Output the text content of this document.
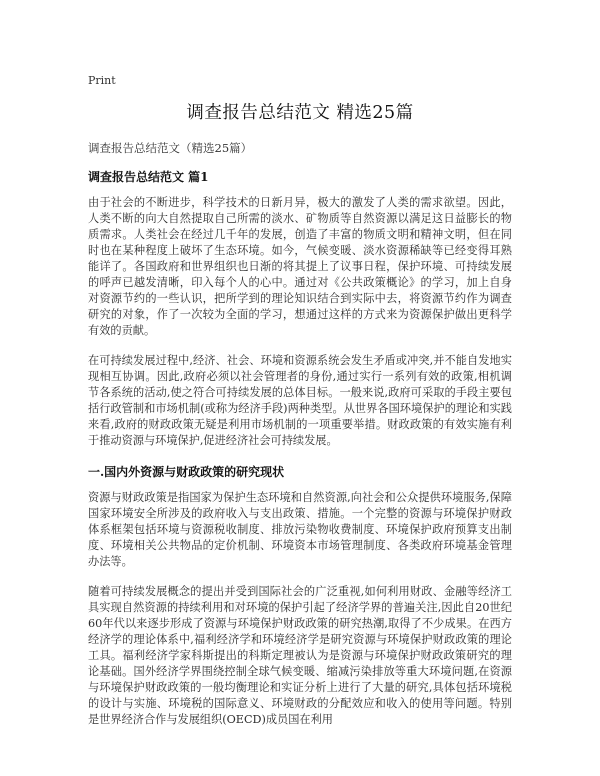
Print
调查报告总结范文 精选25篇

调查报告总结范文（精选25篇）

调查报告总结范文 篇1

由于社会的不断进步，科学技术的日新月异，极大的激发了人类的需求欲望。因此，人类不断的向大自然提取自己所需的淡水、矿物质等自然资源以满足这日益膨长的物质需求。人类社会在经过几千年的发展，创造了丰富的物质文明和精神文明，但在同时也在某种程度上破坏了生态环境。如今，气候变暖、淡水资源稀缺等已经变得耳熟能详了。各国政府和世界组织也日渐的将其提上了议事日程，保护环境、可持续发展的呼声已越发清晰，印入每个人的心中。通过对《公共政策概论》的学习，加上自身对资源节约的一些认识，把所学到的理论知识结合到实际中去，将资源节约作为调查研究的对象，作了一次较为全面的学习，想通过这样的方式来为资源保护做出更科学有效的贡献。

在可持续发展过程中,经济、社会、环境和资源系统会发生矛盾或冲突,并不能自发地实现相互协调。因此,政府必须以社会管理者的身份,通过实行一系列有效的政策,相机调节各系统的活动,使之符合可持续发展的总体目标。一般来说,政府可采取的手段主要包括行政管制和市场机制(或称为经济手段)两种类型。从世界各国环境保护的理论和实践来看,政府的财政政策无疑是利用市场机制的一项重要举措。财政政策的有效实施有利于推动资源与环境保护,促进经济社会可持续发展。

一.国内外资源与财政政策的研究现状

资源与财政政策是指国家为保护生态环境和自然资源,向社会和公众提供环境服务,保障国家环境安全所涉及的政府收入与支出政策、措施。一个完整的资源与环境保护财政体系框架包括环境与资源税收制度、排放污染物收费制度、环境保护政府预算支出制度、环境相关公共物品的定价机制、环境资本市场管理制度、各类政府环境基金管理办法等。

随着可持续发展概念的提出并受到国际社会的广泛重视,如何利用财政、金融等经济工具实现自然资源的持续利用和对环境的保护引起了经济学界的普遍关注,因此自20世纪60年代以来逐步形成了资源与环境保护财政政策的研究热潮,取得了不少成果。在西方经济学的理论体系中,福利经济学和环境经济学是研究资源与环境保护财政政策的理论工具。福利经济学家科斯提出的科斯定理被认为是资源与环境保护财政政策研究的理论基础。国外经济学界围绕控制全球气候变暖、缩减污染排放等重大环境问题,在资源与环境保护财政政策的一般均衡理论和实证分析上进行了大量的研究,具体包括环境税的设计与实施、环境税的国际意义、环境财政的分配效应和收入的使用等问题。特别是世界经济合作与发展组织(OECD)成员国在利用
